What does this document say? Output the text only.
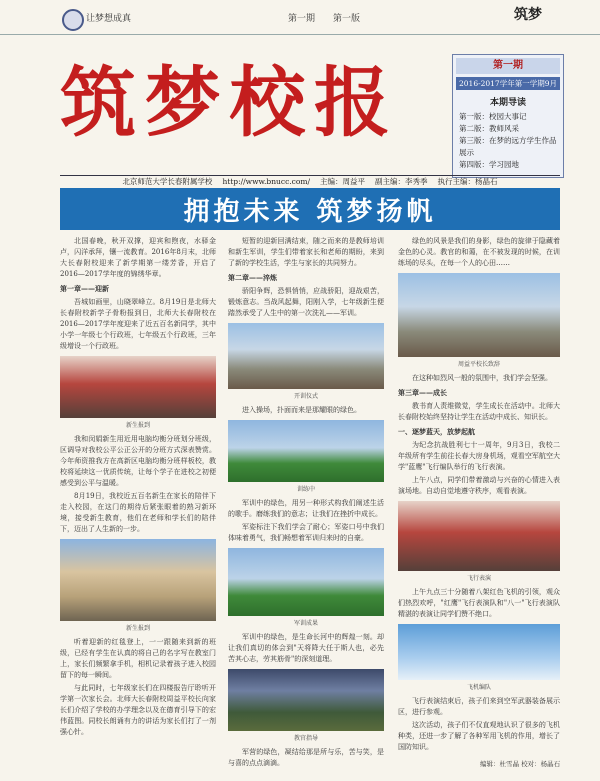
让梦想成真	第一期 第一版	筑梦
筑 梦 校 报	第一期
2016-2017学年第一学期9月
本期导读
第一版：校园大事记
第二版：教师风采
第三版：在梦的远方学生作品展示
第四版：学习园地
北京师范大学长春附属学校 http://www.bnucc.com/ 主编：周益平 副主编：李秀季 执行主编：杨晶石
拥抱未来 筑梦扬帆

北国春晚，秋开双撑，迎宾和煦夜，水驿金卢，闪洋承拜，镶一流教育。2016年8月末，北师大长春附校迎来了新学期第一缕芳香，开启了2016—2017学年度的锦绣华章。

第一章——迎新

吾城如画里，山晓翠峰立。8月19日是北师大长春附校新学子骨粉报到日，北师大长春附校在2016—2017学年度迎来了近五百名新同学，其中小学一年级七个行政班，七年级五个行政班，三年级增设一个行政班。

新生报到

我和闵娟新生用近用电脑均衡分班划分班级，区调导对我校公平公正公开的分班方式深表赞赏。今年师资推我方在高新区电脑均衡分班样板校，教校将延续这一优质传统，让每个学子在进校之初便感受到公平与温暖。

8月19日，我校近五百名新生在家长的陪伴下走入校园，在这门的期待后紧张眼着的熟习新环境，接受新生教育，他们在老师和学长们的陪伴下，迈出了人生新的一步。

新生报到

听着迎新的红毯登上，一一跟随来到新的班级，已经有学生在认真的将自己的名字写在教室门上，家长们频繁拿手机，相机记录着孩子进入校园留下的每一瞬间。

与此同时，七年级家长们在四楼报告厅聆听开学第一次家长会。北师大长春附校周益平校长向家长们介绍了学校的办学理念以及在德育引导下的宏伟蓝图。同校长朗诵有力的讲话为家长们打了一剂强心针。

短暂的迎新回满结束，随之而来的是教师培训和新生军训，学生们带着家长和老师的期盼，来到了新的学校生活，学生与家长的共同努力。

第二章——淬炼

骄阳争辉，恐惧悄悄，应战骄阳，迎战艰苦，锻炼意志。当战风起舞，阳刚入学，七年级新生便踏然承受了人生中的第一次洗礼——军训。

开训仪式

进入操场，扑面而来是那耀眼的绿色。

训练中

军训中的绿色，用另一种形式构我们阐述生活的歌手。磨练我们的意志；让我们在挫折中成长。

军姿标注下我们学会了耐心；军姿口号中我们体味着勇气，我们畅想着军训归来时的自豪。

军训成果

军训中的绿色，是生命长河中的辉煌一刻。却让我们真切的体会到"天将降大任于斯人也，必先苦其心志，劳其筋骨"的深刻道理。

教官指导

军营的绿色，凝结给那是所与乐，苦与笑，是与喜的点点滴滴。

绿色的风景是我们的身影，绿色的旋律于隐藏着金色的心灵。教官的和蔼，在不被发现的时候，在训练场的尽头，在每一个人的心田……

周益平校长致辞

在这种如烈风一般的氛围中，我们学会坚强。

第三章——成长

教书育人责维微觉，学生成长在活动中。北师大长春附校始终坚持让学生在活动中成长、知识长。

一、逐梦蓝天，放梦起航

为纪念抗战胜利七十一周年，9月3日，我校二年级所有学生前往长春大房身机场，观看空军航空大学"蓝鹰"飞行编队举行的飞行表演。

上午八点，同学们带着激动与兴奋的心情进入表演场地。自动自觉地遵守秩序，观看表演。

飞行表演

上午九点三十分随着八架红色飞机的引领，观众们热烈欢呼，"红鹰"飞行表演队和"八一"飞行表演队精湛的表演让同学们赞不绝口。

飞机编队

飞行表演结束后，孩子们来到空军武器装备展示区，进行参观。

这次活动，孩子们不仅直观地认识了很多的飞机种类，还进一步了解了各种军用飞机的作用，增长了国防知识。

编辑：杜雪晶 校对：杨晶石
